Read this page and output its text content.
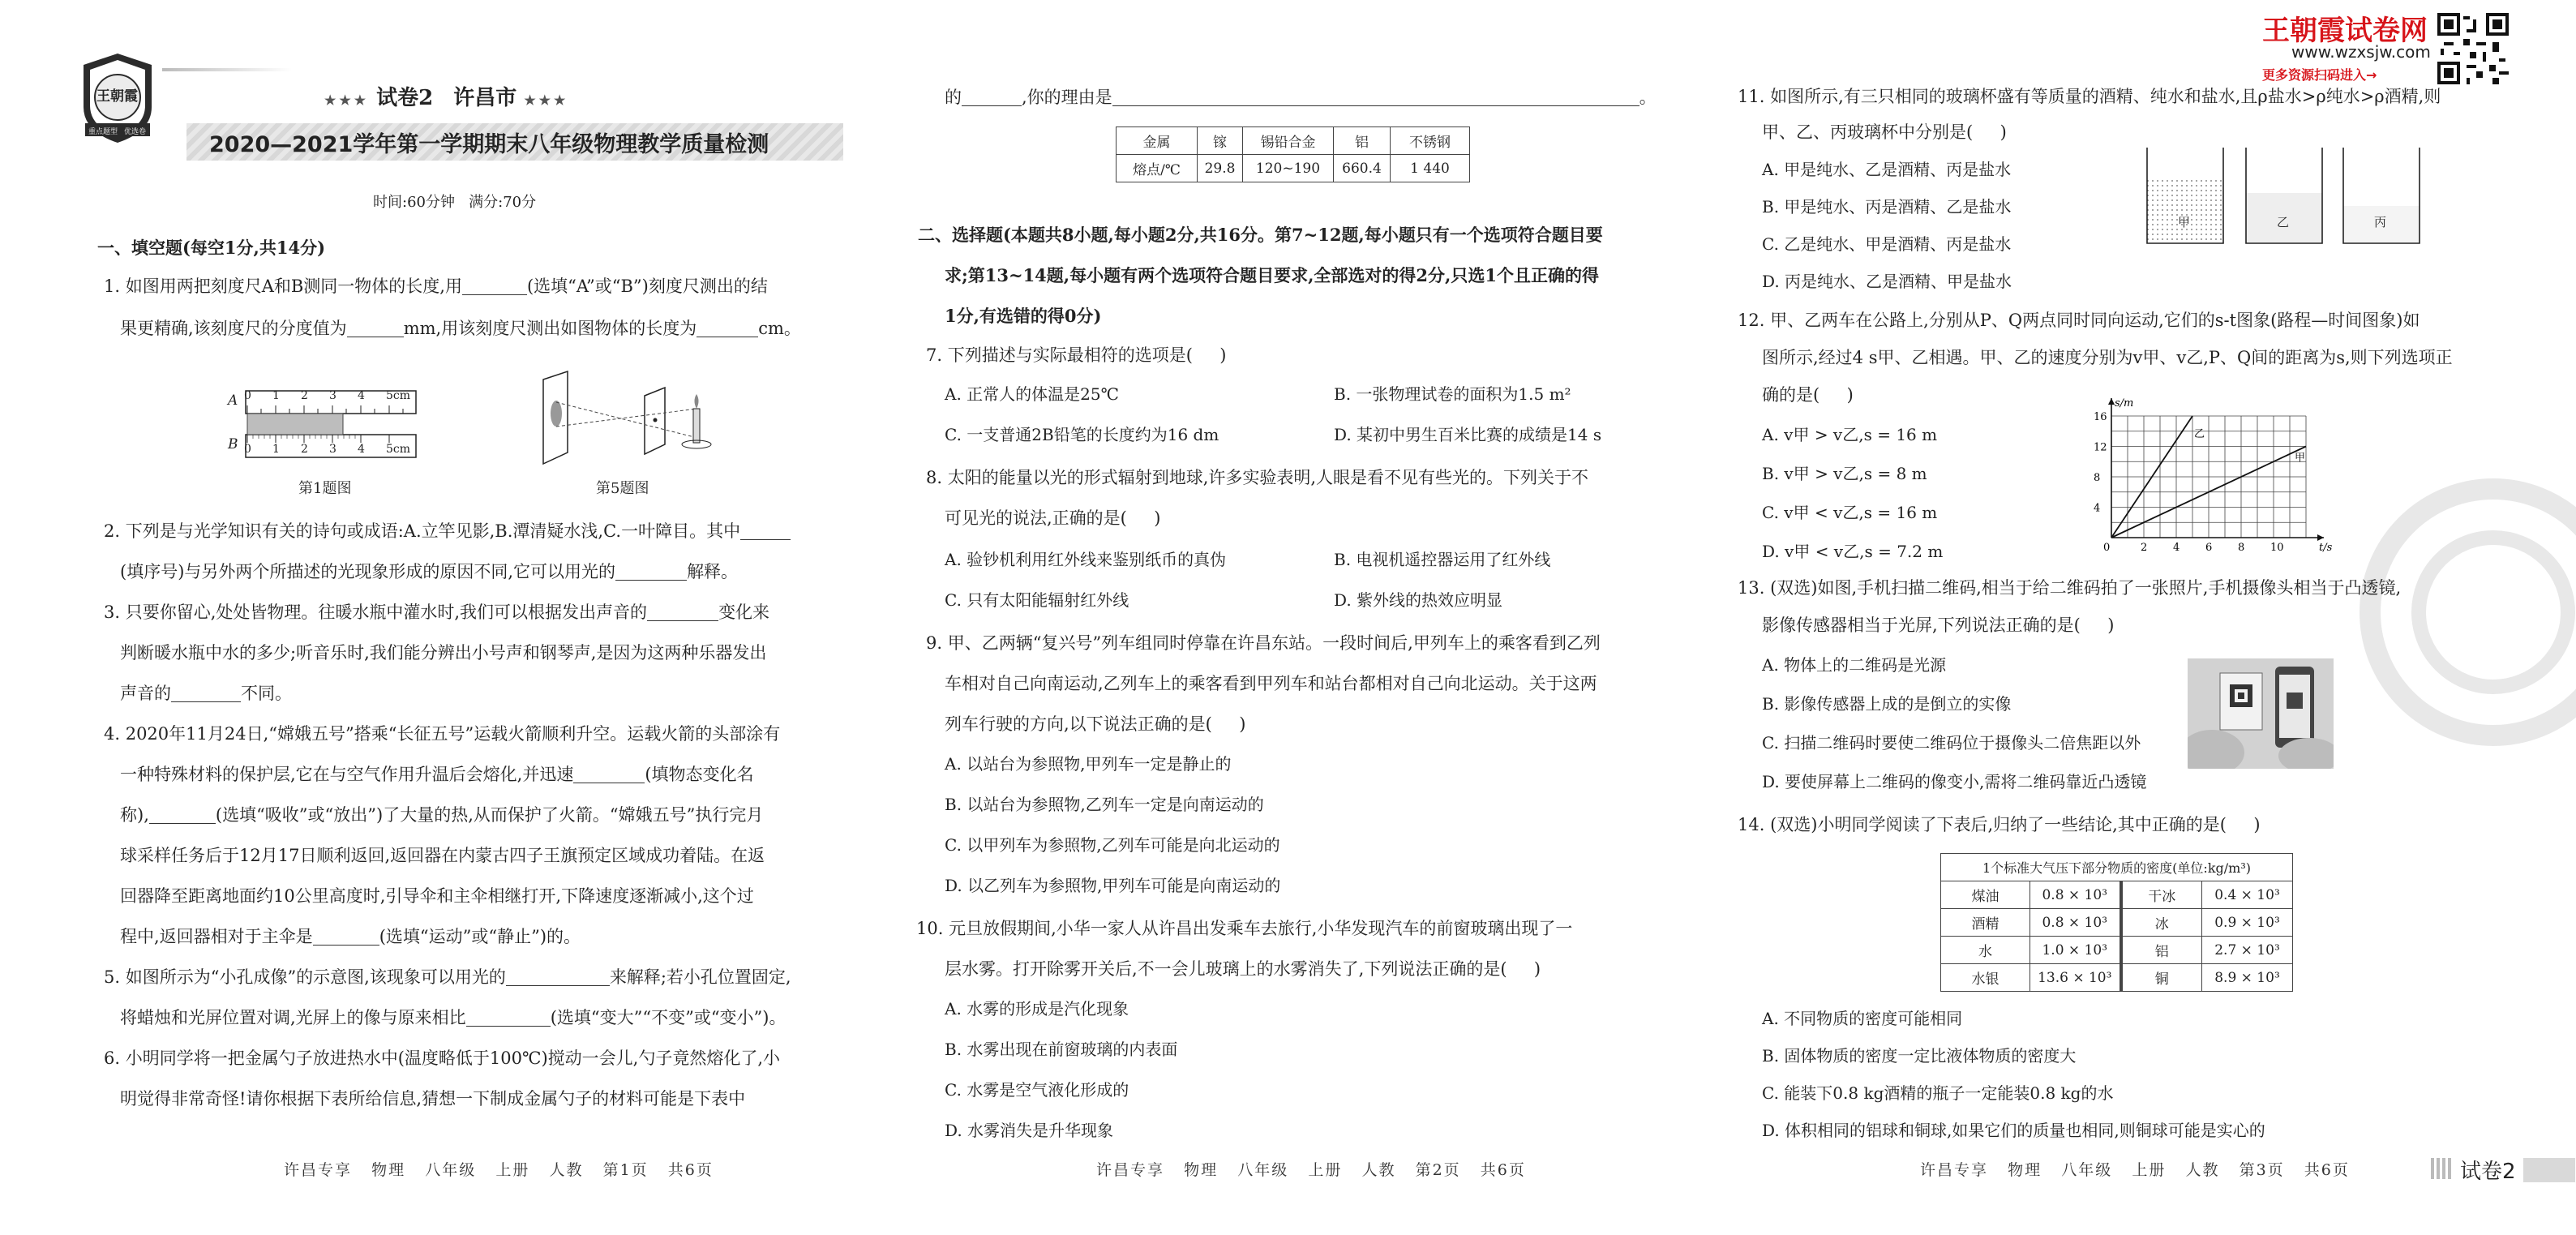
王朝霞
重点题型 优选卷
★★★ 试卷2 许昌市 ★★★
2020—2021学年第一学期期末八年级物理教学质量检测
时间:60分钟   满分:70分
一、填空题(每空1分,共14分)
1. 如图用两把刻度尺A和B测同一物体的长度,用	(选填“A”或“B”)刻度尺测出的结
果更精确,该刻度尺的分度值为	mm,用该刻度尺测出如图物体的长度为	cm。
A
B
0 1 2 3 4 5cm
0 1 2 3 4 5cm
第1题图	第5题图
2. 下列是与光学知识有关的诗句或成语:A.立竿见影,B.潭清疑水浅,C.一叶障目。其中
(填序号)与另外两个所描述的光现象形成的原因不同,它可以用光的	解释。
3. 只要你留心,处处皆物理。往暖水瓶中灌水时,我们可以根据发出声音的	变化来
判断暖水瓶中水的多少;听音乐时,我们能分辨出小号声和钢琴声,是因为这两种乐器发出
声音的	不同。
4. 2020年11月24日,“嫦娥五号”搭乘“长征五号”运载火箭顺利升空。运载火箭的头部涂有
一种特殊材料的保护层,它在与空气作用升温后会熔化,并迅速	(填物态变化名
称),	(选填“吸收”或“放出”)了大量的热,从而保护了火箭。“嫦娥五号”执行完月
球采样任务后于12月17日顺利返回,返回器在内蒙古四子王旗预定区域成功着陆。在返
回器降至距离地面约10公里高度时,引导伞和主伞相继打开,下降速度逐渐减小,这个过
程中,返回器相对于主伞是	(选填“运动”或“静止”)的。
5. 如图所示为“小孔成像”的示意图,该现象可以用光的	来解释;若小孔位置固定,
将蜡烛和光屏位置对调,光屏上的像与原来相比	(选填“变大”“不变”或“变小”)。
6. 小明同学将一把金属勺子放进热水中(温度略低于100℃)搅动一会儿,勺子竟然熔化了,小
明觉得非常奇怪!请你根据下表所给信息,猜想一下制成金属勺子的材料可能是下表中
许昌专享   物理   八年级   上册   人教   第1页   共6页
的	,你的理由是	。
金属	镓	锡铅合金	铝	不锈钢
熔点/℃	29.8	120~190	660.4	1 440
二、选择题(本题共8小题,每小题2分,共16分。第7~12题,每小题只有一个选项符合题目要
求;第13~14题,每小题有两个选项符合题目要求,全部选对的得2分,只选1个且正确的得
1分,有选错的得0分)
7. 下列描述与实际最相符的选项是(     )
A. 正常人的体温是25℃	B. 一张物理试卷的面积为1.5 m²
C. 一支普通2B铅笔的长度约为16 dm	D. 某初中男生百米比赛的成绩是14 s
8. 太阳的能量以光的形式辐射到地球,许多实验表明,人眼是看不见有些光的。下列关于不
可见光的说法,正确的是(     )
A. 验钞机利用红外线来鉴别纸币的真伪	B. 电视机遥控器运用了红外线
C. 只有太阳能辐射红外线	D. 紫外线的热效应明显
9. 甲、乙两辆“复兴号”列车组同时停靠在许昌东站。一段时间后,甲列车上的乘客看到乙列
车相对自己向南运动,乙列车上的乘客看到甲列车和站台都相对自己向北运动。关于这两
列车行驶的方向,以下说法正确的是(     )
A. 以站台为参照物,甲列车一定是静止的
B. 以站台为参照物,乙列车一定是向南运动的
C. 以甲列车为参照物,乙列车可能是向北运动的
D. 以乙列车为参照物,甲列车可能是向南运动的
10. 元旦放假期间,小华一家人从许昌出发乘车去旅行,小华发现汽车的前窗玻璃出现了一
层水雾。打开除雾开关后,不一会儿玻璃上的水雾消失了,下列说法正确的是(     )
A. 水雾的形成是汽化现象
B. 水雾出现在前窗玻璃的内表面
C. 水雾是空气液化形成的
D. 水雾消失是升华现象
许昌专享   物理   八年级   上册   人教   第2页   共6页
王朝霞试卷网
www.wzxsjw.com
更多资源扫码进入→
11. 如图所示,有三只相同的玻璃杯盛有等质量的酒精、纯水和盐水,且ρ盐水>ρ纯水>ρ酒精,则
甲、乙、丙玻璃杯中分别是(     )
A. 甲是纯水、乙是酒精、丙是盐水
B. 甲是纯水、丙是酒精、乙是盐水
C. 乙是纯水、甲是酒精、丙是盐水
D. 丙是纯水、乙是酒精、甲是盐水
甲	乙	丙
12. 甲、乙两车在公路上,分别从P、Q两点同时同向运动,它们的s-t图象(路程—时间图象)如
图所示,经过4 s甲、乙相遇。甲、乙的速度分别为v甲、v乙,P、Q间的距离为s,则下列选项正
确的是(     )
A. v甲 > v乙,s = 16 m
B. v甲 > v乙,s = 8 m
C. v甲 < v乙,s = 16 m
D. v甲 < v乙,s = 7.2 m	0	2 4 6 8 10
4
8
12
16
t/s
s/m
乙
甲
13. (双选)如图,手机扫描二维码,相当于给二维码拍了一张照片,手机摄像头相当于凸透镜,
影像传感器相当于光屏,下列说法正确的是(     )
A. 物体上的二维码是光源
B. 影像传感器上成的是倒立的实像
C. 扫描二维码时要使二维码位于摄像头二倍焦距以外
D. 要使屏幕上二维码的像变小,需将二维码靠近凸透镜
14. (双选)小明同学阅读了下表后,归纳了一些结论,其中正确的是(     )
1个标准大气压下部分物质的密度(单位:kg/m³)			
煤油	0.8 × 10³	干冰	0.4 × 10³
酒精	0.8 × 10³	冰	0.9 × 10³
水	1.0 × 10³	铝	2.7 × 10³
水银	13.6 × 10³	铜	8.9 × 10³
A. 不同物质的密度可能相同
B. 固体物质的密度一定比液体物质的密度大
C. 能装下0.8 kg酒精的瓶子一定能装0.8 kg的水
D. 体积相同的铝球和铜球,如果它们的质量也相同,则铜球可能是实心的
许昌专享   物理   八年级   上册   人教   第3页   共6页	试卷2
